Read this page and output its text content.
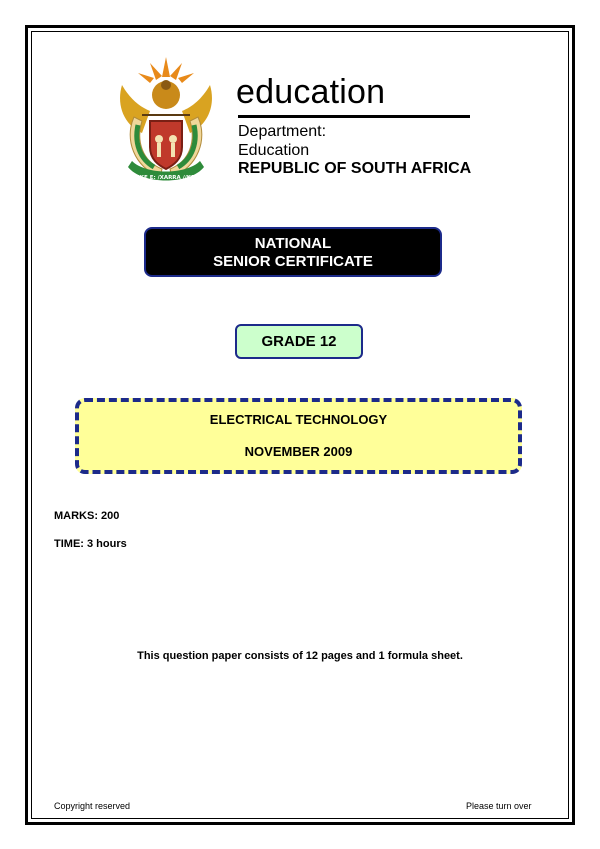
!KE E: /XARRA //KE
education
Department:
Education
REPUBLIC OF SOUTH AFRICA
NATIONAL
SENIOR CERTIFICATE
GRADE 12
ELECTRICAL TECHNOLOGY
NOVEMBER 2009
MARKS: 200
TIME: 3 hours
This question paper consists of 12 pages and 1 formula sheet.
Copyright reserved	Please turn over
